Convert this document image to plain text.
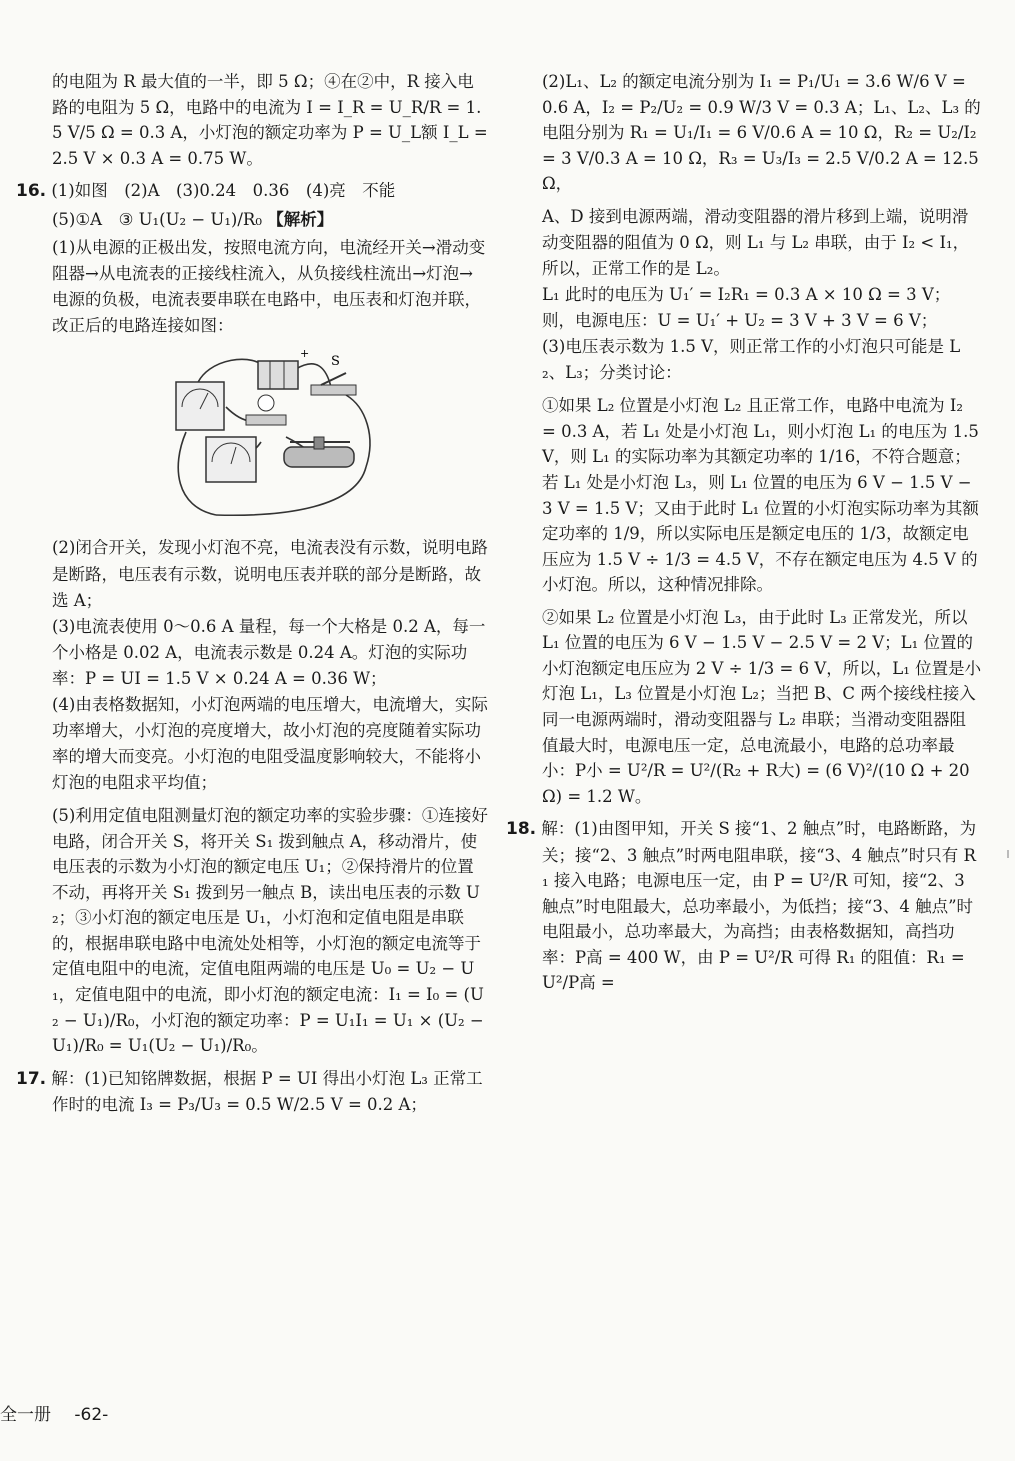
的电阻为 R 最大值的一半，即 5 Ω；④在②中，R 接入电路的电阻为 5 Ω，电路中的电流为 I = I_R = U_R/R = 1.5 V/5 Ω = 0.3 A，小灯泡的额定功率为 P = U_L额 I_L = 2.5 V × 0.3 A = 0.75 W。

16. (1)如图　(2)A　(3)0.24　0.36　(4)亮　不能

(5)①A　③ U₁(U₂ − U₁)/R₀ 【解析】

(1)从电源的正极出发，按照电流方向，电流经开关→滑动变阻器→从电流表的正接线柱流入，从负接线柱流出→灯泡→电源的负极，电流表要串联在电路中，电压表和灯泡并联，改正后的电路连接如图：

+
S

(2)闭合开关，发现小灯泡不亮，电流表没有示数，说明电路是断路，电压表有示数，说明电压表并联的部分是断路，故选 A；

(3)电流表使用 0～0.6 A 量程，每一个大格是 0.2 A，每一个小格是 0.02 A，电流表示数是 0.24 A。灯泡的实际功率：P = UI = 1.5 V × 0.24 A = 0.36 W；

(4)由表格数据知，小灯泡两端的电压增大，电流增大，实际功率增大，小灯泡的亮度增大，故小灯泡的亮度随着实际功率的增大而变亮。小灯泡的电阻受温度影响较大，不能将小灯泡的电阻求平均值；

(5)利用定值电阻测量灯泡的额定功率的实验步骤：①连接好电路，闭合开关 S，将开关 S₁ 拨到触点 A，移动滑片，使电压表的示数为小灯泡的额定电压 U₁；②保持滑片的位置不动，再将开关 S₁ 拨到另一触点 B，读出电压表的示数 U₂；③小灯泡的额定电压是 U₁，小灯泡和定值电阻是串联的，根据串联电路中电流处处相等，小灯泡的额定电流等于定值电阻中的电流，定值电阻两端的电压是 U₀ = U₂ − U₁，定值电阻中的电流，即小灯泡的额定电流：I₁ = I₀ = (U₂ − U₁)/R₀，小灯泡的额定功率：P = U₁I₁ = U₁ × (U₂ − U₁)/R₀ = U₁(U₂ − U₁)/R₀。

17. 解：(1)已知铭牌数据，根据 P = UI 得出小灯泡 L₃ 正常工作时的电流 I₃ = P₃/U₃ = 0.5 W/2.5 V = 0.2 A；

(2)L₁、L₂ 的额定电流分别为 I₁ = P₁/U₁ = 3.6 W/6 V = 0.6 A，I₂ = P₂/U₂ = 0.9 W/3 V = 0.3 A；L₁、L₂、L₃ 的电阻分别为 R₁ = U₁/I₁ = 6 V/0.6 A = 10 Ω，R₂ = U₂/I₂ = 3 V/0.3 A = 10 Ω，R₃ = U₃/I₃ = 2.5 V/0.2 A = 12.5 Ω，

A、D 接到电源两端，滑动变阻器的滑片移到上端，说明滑动变阻器的阻值为 0 Ω，则 L₁ 与 L₂ 串联，由于 I₂ < I₁，所以，正常工作的是 L₂。

L₁ 此时的电压为 U₁′ = I₂R₁ = 0.3 A × 10 Ω = 3 V；

则，电源电压：U = U₁′ + U₂ = 3 V + 3 V = 6 V；

(3)电压表示数为 1.5 V，则正常工作的小灯泡只可能是 L₂、L₃；分类讨论：

①如果 L₂ 位置是小灯泡 L₂ 且正常工作，电路中电流为 I₂ = 0.3 A，若 L₁ 处是小灯泡 L₁，则小灯泡 L₁ 的电压为 1.5 V，则 L₁ 的实际功率为其额定功率的 1/16，不符合题意；若 L₁ 处是小灯泡 L₃，则 L₁ 位置的电压为 6 V − 1.5 V − 3 V = 1.5 V；又由于此时 L₁ 位置的小灯泡实际功率为其额定功率的 1/9，所以实际电压是额定电压的 1/3，故额定电压应为 1.5 V ÷ 1/3 = 4.5 V，不存在额定电压为 4.5 V 的小灯泡。所以，这种情况排除。

②如果 L₂ 位置是小灯泡 L₃，由于此时 L₃ 正常发光，所以 L₁ 位置的电压为 6 V − 1.5 V − 2.5 V = 2 V；L₁ 位置的小灯泡额定电压应为 2 V ÷ 1/3 = 6 V，所以，L₁ 位置是小灯泡 L₁，L₃ 位置是小灯泡 L₂；当把 B、C 两个接线柱接入同一电源两端时，滑动变阻器与 L₂ 串联；当滑动变阻器阻值最大时，电源电压一定，总电流最小，电路的总功率最小：P小 = U²/R = U²/(R₂ + R大) = (6 V)²/(10 Ω + 20 Ω) = 1.2 W。

18. 解：(1)由图甲知，开关 S 接“1、2 触点”时，电路断路，为关；接“2、3 触点”时两电阻串联，接“3、4 触点”时只有 R₁ 接入电路；电源电压一定，由 P = U²/R 可知，接“2、3 触点”时电阻最大，总功率最小，为低挡；接“3、4 触点”时电阻最小，总功率最大，为高挡；由表格数据知，高挡功率：P高 = 400 W，由 P = U²/R 可得 R₁ 的阻值：R₁ = U²/P高 =

全一册 -62-
